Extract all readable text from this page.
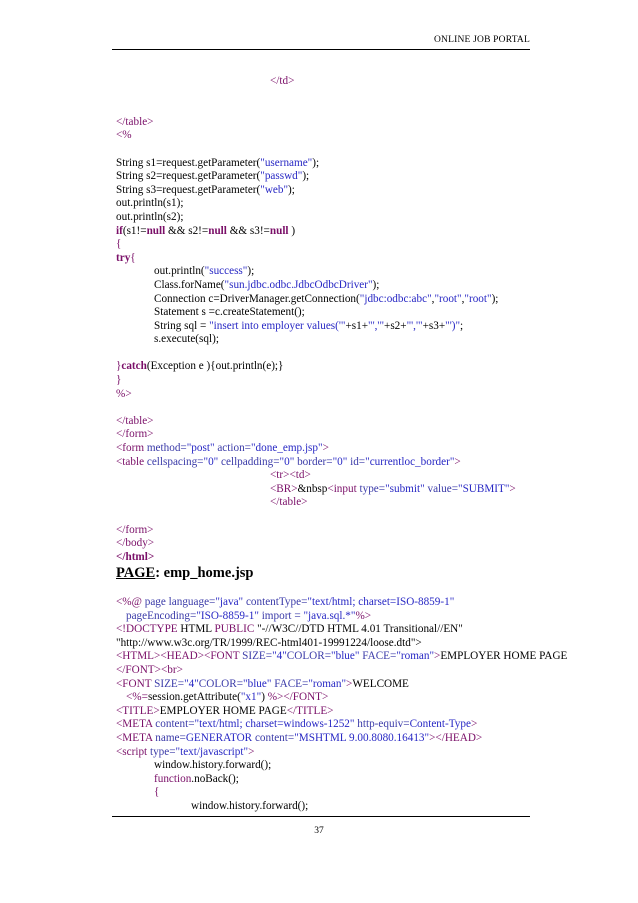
ONLINE JOB PORTAL
</td>
</table>
<%
String s1=request.getParameter("username");
String s2=request.getParameter("passwd");
String s3=request.getParameter("web");
out.println(s1);
out.println(s2);
if(s1!=null && s2!=null && s3!=null )
{
try{
out.println("success");
Class.forName("sun.jdbc.odbc.JdbcOdbcDriver");
Connection c=DriverManager.getConnection("jdbc:odbc:abc","root","root");
Statement s =c.createStatement();
String sql = "insert into employer values('"+s1+"','"+s2+"','"+s3+"')";
s.execute(sql);
}catch(Exception e ){out.println(e);}
}
%>
</table>
</form>
<form method="post" action="done_emp.jsp">
<table cellspacing="0" cellpadding="0" border="0" id="currentloc_border">
<tr><td>
<BR>&nbsp<input type="submit" value="SUBMIT">
</table>
</form>
</body>
</html>
PAGE: emp_home.jsp
<%@ page language="java" contentType="text/html; charset=ISO-8859-1"
pageEncoding="ISO-8859-1" import = "java.sql.*"%>
<!DOCTYPE HTML PUBLIC "-//W3C//DTD HTML 4.01 Transitional//EN"
"http://www.w3c.org/TR/1999/REC-html401-19991224/loose.dtd">
<HTML><HEAD><FONT SIZE="4"COLOR="blue" FACE="roman">EMPLOYER HOME PAGE
</FONT><br>
<FONT SIZE="4"COLOR="blue" FACE="roman">WELCOME
<%=session.getAttribute("x1") %></FONT>
<TITLE>EMPLOYER HOME PAGE</TITLE>
<META content="text/html; charset=windows-1252" http-equiv=Content-Type>
<META name=GENERATOR content="MSHTML 9.00.8080.16413"></HEAD>
<script type="text/javascript">
window.history.forward();
function.noBack();
{
window.history.forward();
37
